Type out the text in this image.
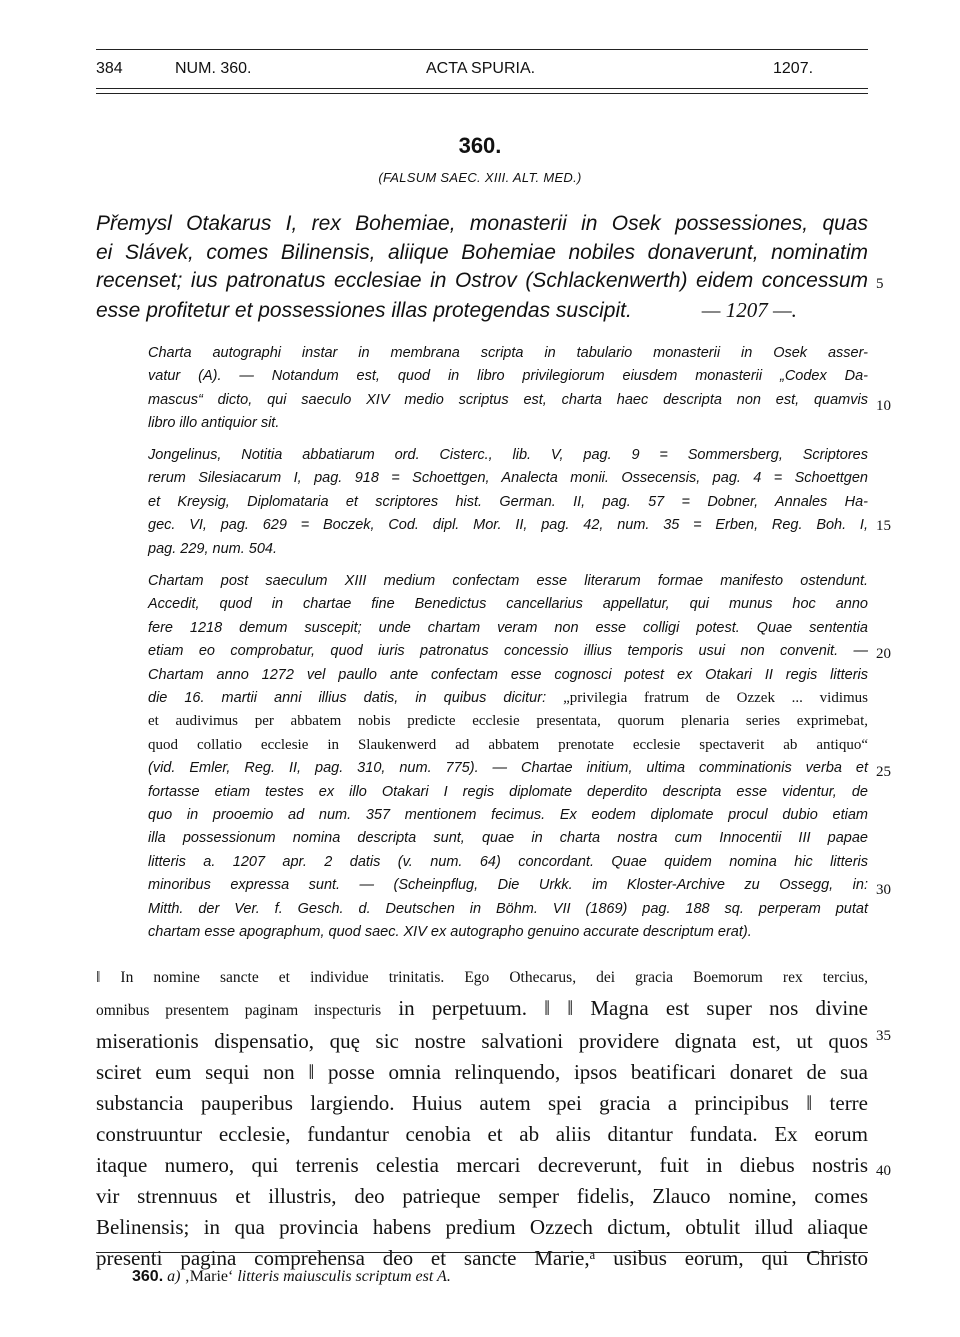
384	NUM. 360.	ACTA SPURIA.	1207.
360.
(FALSUM SAEC. XIII. ALT. MED.)
Přemysl Otakarus I, rex Bohemiae, monasterii in Osek possessiones, quas
ei Slávek, comes Bilinensis, aliique Bohemiae nobiles donaverunt, nominatim
recenset; ius patronatus ecclesiae in Ostrov (Schlackenwerth) eidem concessum
esse profitetur et possessiones illas protegendas suscipit.	— 1207 —.
Charta autographi instar in membrana scripta in tabulario monasterii in Osek asser-
vatur (A). — Notandum est, quod in libro privilegiorum eiusdem monasterii „Codex Da-
mascus“ dicto, qui saeculo XIV medio scriptus est, charta haec descripta non est, quamvis
libro illo antiquior sit.
Jongelinus, Notitia abbatiarum ord. Cisterc., lib. V, pag. 9 = Sommersberg, Scriptores
rerum Silesiacarum I, pag. 918 = Schoettgen, Analecta monii. Ossecensis, pag. 4 = Schoettgen
et Kreysig, Diplomataria et scriptores hist. German. II, pag. 57 = Dobner, Annales Ha-
gec. VI, pag. 629 = Boczek, Cod. dipl. Mor. II, pag. 42, num. 35 = Erben, Reg. Boh. I,
pag. 229, num. 504.
Chartam post saeculum XIII medium confectam esse literarum formae manifesto ostendunt.
Accedit, quod in chartae fine Benedictus cancellarius appellatur, qui munus hoc anno
fere 1218 demum suscepit; unde chartam veram non esse colligi potest. Quae sententia
etiam eo comprobatur, quod iuris patronatus concessio illius temporis usui non convenit. —
Chartam anno 1272 vel paullo ante confectam esse cognosci potest ex Otakari II regis litteris
die 16. martii anni illius datis, in quibus dicitur: „privilegia fratrum de Ozzek ... vidimus
et audivimus per abbatem nobis predicte ecclesie presentata, quorum plenaria series exprimebat,
quod collatio ecclesie in Slaukenwerd ad abbatem prenotate ecclesie spectaverit ab antiquo“
(vid. Emler, Reg. II, pag. 310, num. 775). — Chartae initium, ultima comminationis verba et
fortasse etiam testes ex illo Otakari I regis diplomate deperdito descripta esse videntur, de
quo in prooemio ad num. 357 mentionem fecimus. Ex eodem diplomate procul dubio etiam
illa possessionum nomina descripta sunt, quae in charta nostra cum Innocentii III papae
litteris a. 1207 apr. 2 datis (v. num. 64) concordant. Quae quidem nomina hic litteris
minoribus expressa sunt. — (Scheinpflug, Die Urkk. im Kloster-Archive zu Ossegg, in:
Mitth. der Ver. f. Gesch. d. Deutschen in Böhm. VII (1869) pag. 188 sq. perperam putat
chartam esse apographum, quod saec. XIV ex autographo genuino accurate descriptum erat).
‖ In nomine sancte et individue trinitatis. Ego Othecarus, dei gracia Boemorum rex tercius,
omnibus presentem paginam inspecturis in perpetuum. ‖ ‖ Magna est super nos divine
miserationis dispensatio, quę sic nostre salvationi providere dignata est, ut quos
sciret eum sequi non ‖ posse omnia relinquendo, ipsos beatificari donaret de sua
substancia pauperibus largiendo. Huius autem spei gracia a principibus ‖ terre
construuntur ecclesie, fundantur cenobia et ab aliis ditantur fundata. Ex eorum
itaque numero, qui terrenis celestia mercari decreverunt, fuit in diebus nostris
vir strennuus et illustris, deo patrieque semper fidelis, Zlauco nomine, comes
Belinensis; in qua provincia habens predium Ozzech dictum, obtulit illud aliaque
presenti pagina comprehensa deo et sancte Marie,ᵃ usibus eorum, qui Christo
5
10
15
20
25
30
35
40
360. a) ‚Marie‘ litteris maiusculis scriptum est A.
